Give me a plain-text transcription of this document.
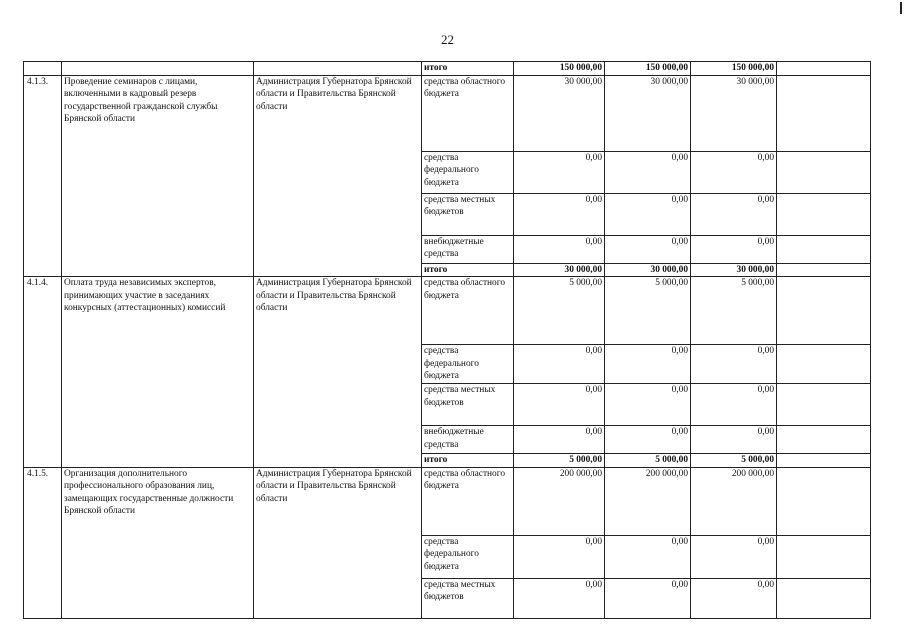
22
			итого	150 000,00	150 000,00	150 000,00	
4.1.3.	Проведение семинаров с лицами, включенными в кадровый резерв государственной гражданской службы Брянской области	Администрация Губернатора Брянской области и Правительства Брянской области	средства областного бюджета	30 000,00	30 000,00	30 000,00	
			средства федерального бюджета	0,00	0,00	0,00	
			средства местных бюджетов	0,00	0,00	0,00	
			внебюджетные средства	0,00	0,00	0,00	
			итого	30 000,00	30 000,00	30 000,00	
4.1.4.	Оплата труда независимых экспертов, принимающих участие в заседаниях конкурсных (аттестационных) комиссий	Администрация Губернатора Брянской области и Правительства Брянской области	средства областного бюджета	5 000,00	5 000,00	5 000,00	
			средства федерального бюджета	0,00	0,00	0,00	
			средства местных бюджетов	0,00	0,00	0,00	
			внебюджетные средства	0,00	0,00	0,00	
			итого	5 000,00	5 000,00	5 000,00	
4.1.5.	Организация дополнительного профессионального образования лиц, замещающих государственные должности Брянской области	Администрация Губернатора Брянской области и Правительства Брянской области	средства областного бюджета	200 000,00	200 000,00	200 000,00	
			средства федерального бюджета	0,00	0,00	0,00	
			средства местных бюджетов	0,00	0,00	0,00	
